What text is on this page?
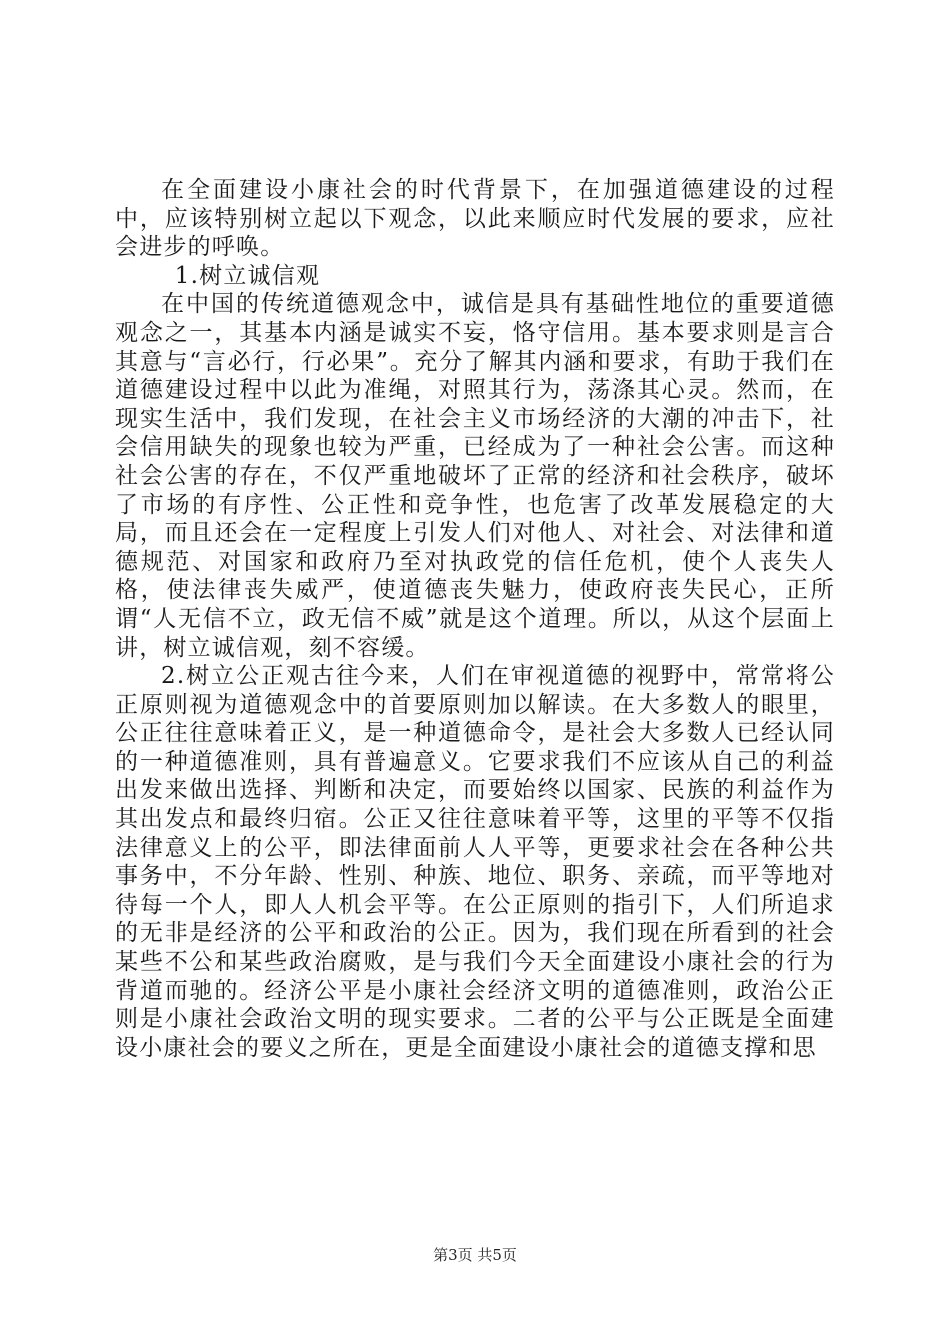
在全面建设小康社会的时代背景下，在加强道德建设的过程中，应该特别树立起以下观念，以此来顺应时代发展的要求，应社会进步的呼唤。

1.树立诚信观

在中国的传统道德观念中，诚信是具有基础性地位的重要道德观念之一，其基本内涵是诚实不妄，恪守信用。基本要求则是言合其意与“言必行，行必果”。充分了解其内涵和要求，有助于我们在道德建设过程中以此为准绳，对照其行为，荡涤其心灵。然而，在现实生活中，我们发现，在社会主义市场经济的大潮的冲击下，社会信用缺失的现象也较为严重，已经成为了一种社会公害。而这种社会公害的存在，不仅严重地破坏了正常的经济和社会秩序，破坏了市场的有序性、公正性和竞争性，也危害了改革发展稳定的大局，而且还会在一定程度上引发人们对他人、对社会、对法律和道德规范、对国家和政府乃至对执政党的信任危机，使个人丧失人格，使法律丧失威严，使道德丧失魅力，使政府丧失民心，正所谓“人无信不立，政无信不威”就是这个道理。所以，从这个层面上讲，树立诚信观，刻不容缓。

2.树立公正观古往今来，人们在审视道德的视野中，常常将公正原则视为道德观念中的首要原则加以解读。在大多数人的眼里，公正往往意味着正义，是一种道德命令，是社会大多数人已经认同的一种道德准则，具有普遍意义。它要求我们不应该从自己的利益出发来做出选择、判断和决定，而要始终以国家、民族的利益作为其出发点和最终归宿。公正又往往意味着平等，这里的平等不仅指法律意义上的公平，即法律面前人人平等，更要求社会在各种公共事务中，不分年龄、性别、种族、地位、职务、亲疏，而平等地对待每一个人，即人人机会平等。在公正原则的指引下，人们所追求的无非是经济的公平和政治的公正。因为，我们现在所看到的社会某些不公和某些政治腐败，是与我们今天全面建设小康社会的行为背道而驰的。经济公平是小康社会经济文明的道德准则，政治公正则是小康社会政治文明的现实要求。二者的公平与公正既是全面建设小康社会的要义之所在，更是全面建设小康社会的道德支撑和思

第3页 共5页
